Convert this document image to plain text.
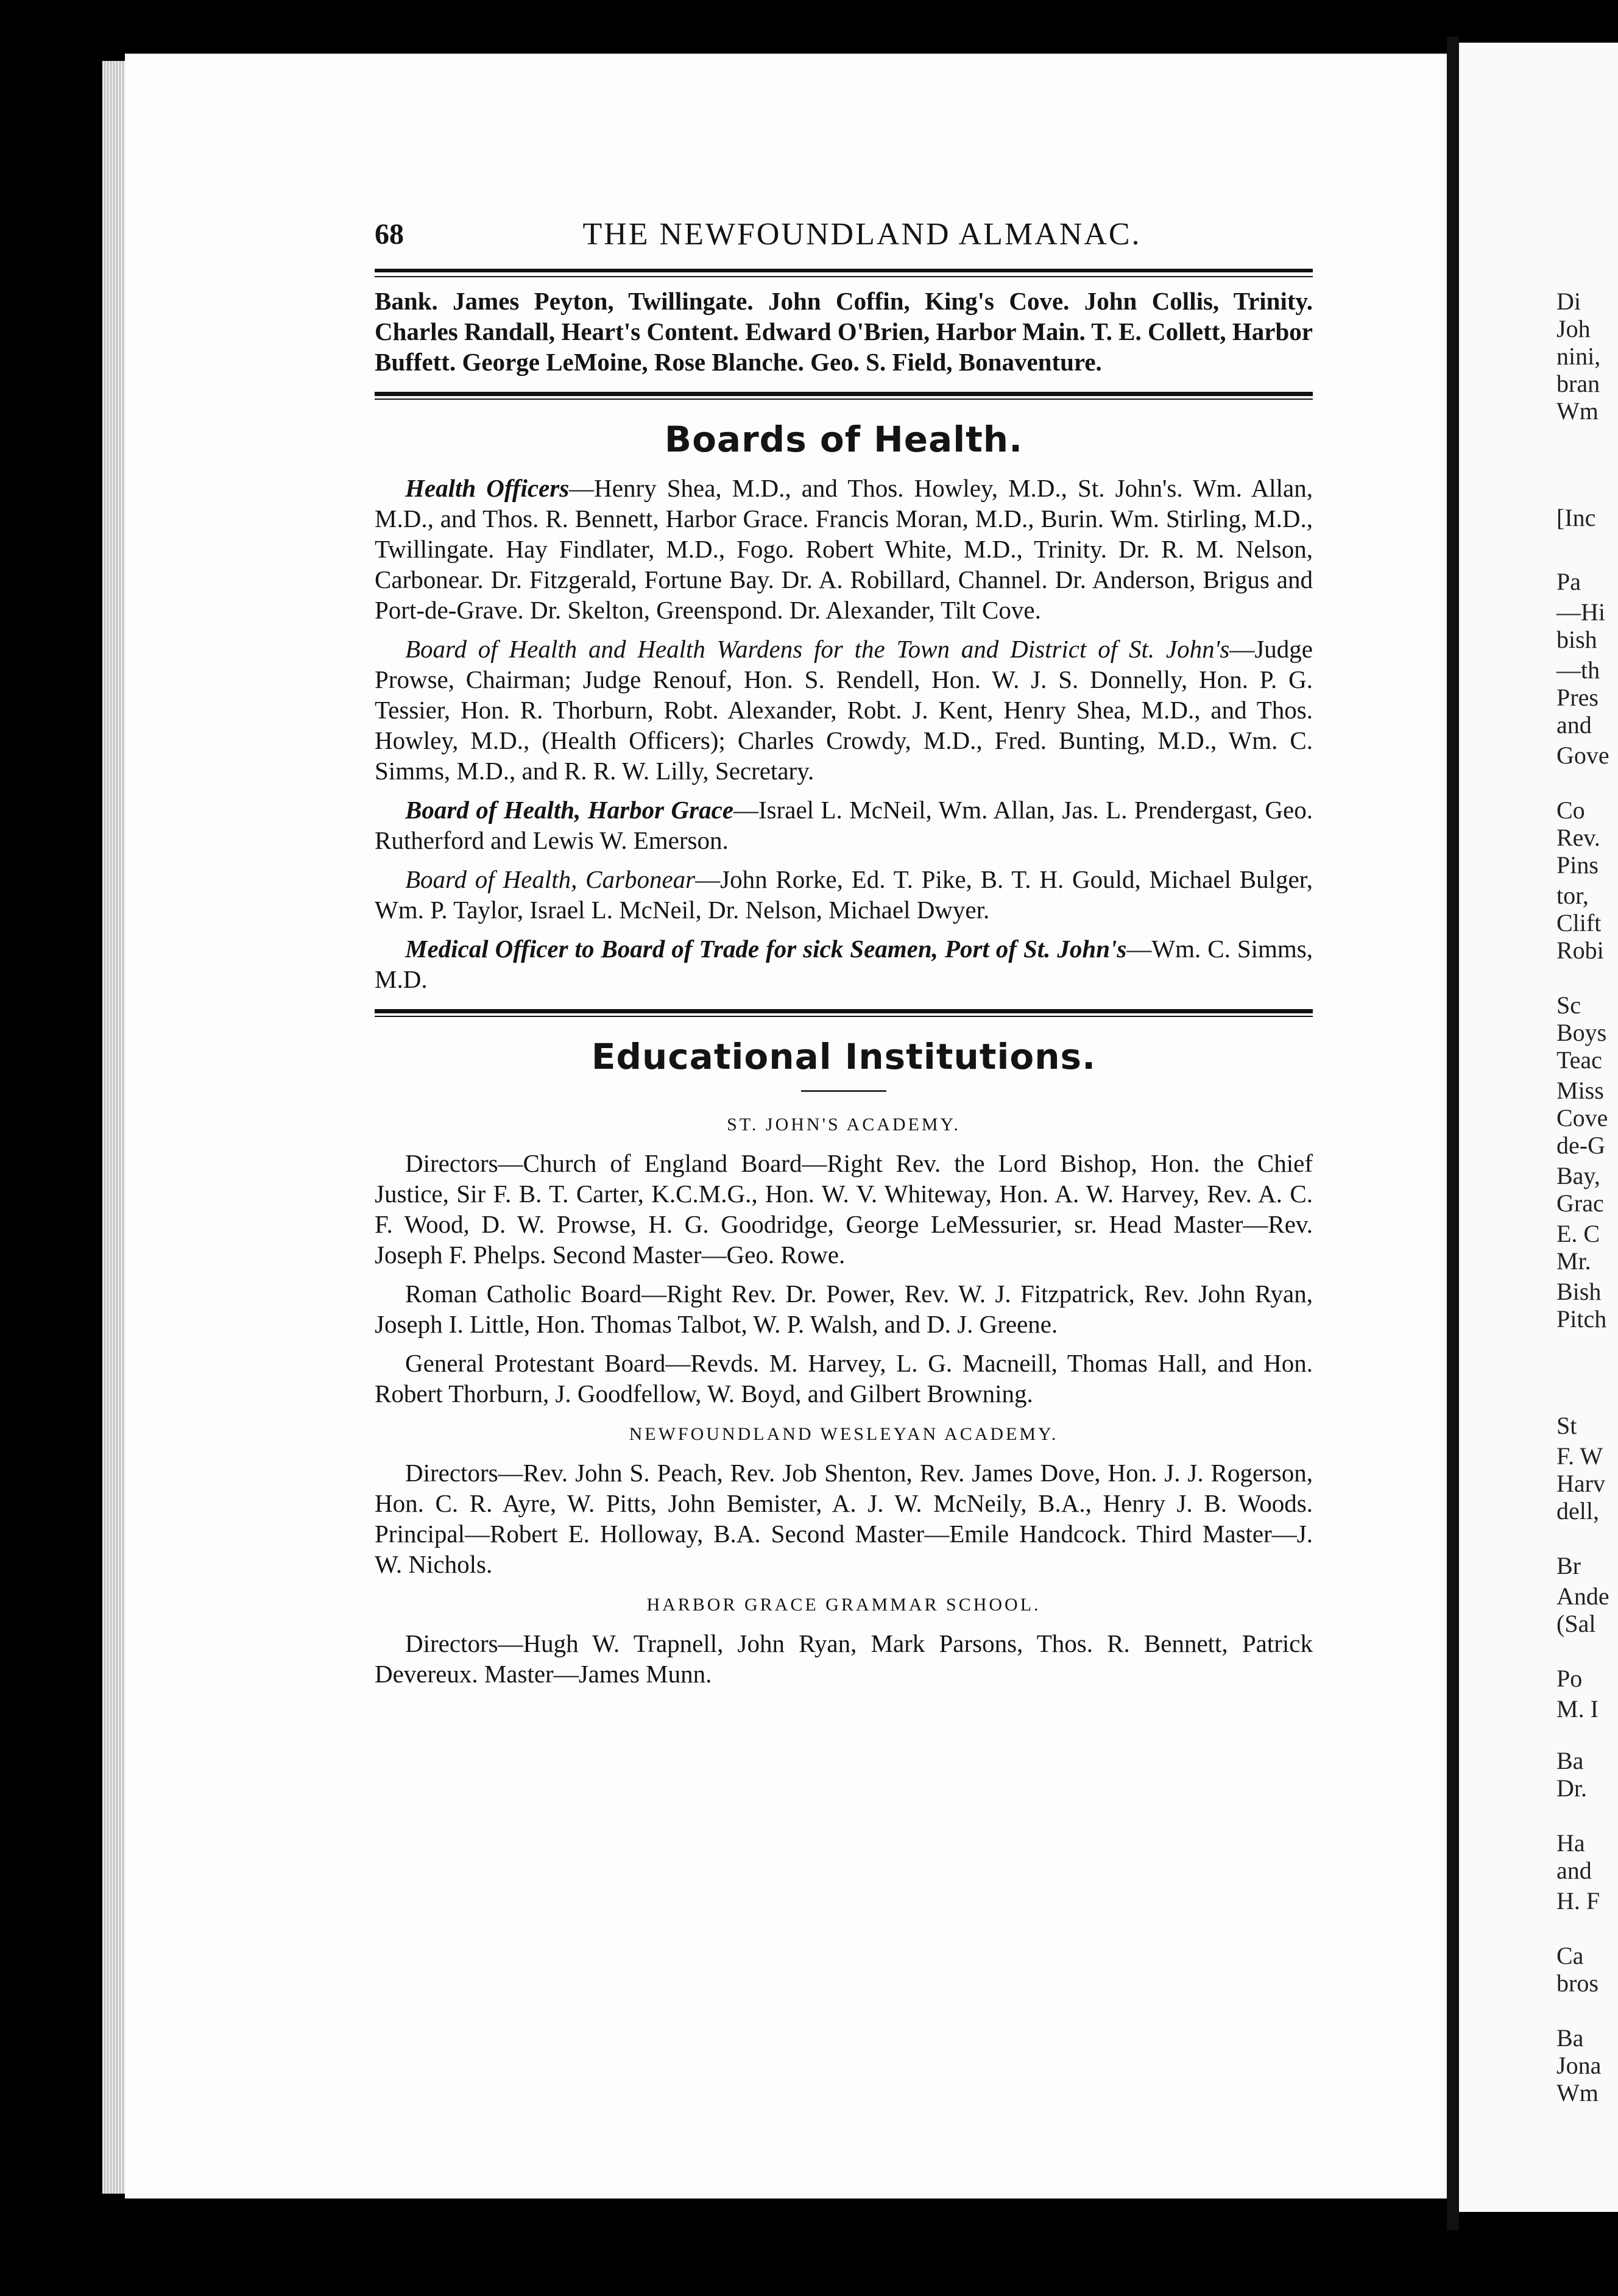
68	THE NEWFOUNDLAND ALMANAC.

Bank. James Peyton, Twillingate. John Coffin, King's Cove. John Collis, Trinity. Charles Randall, Heart's Content. Edward O'Brien, Harbor Main. T. E. Collett, Harbor Buffett. George LeMoine, Rose Blanche. Geo. S. Field, Bonaventure.

Boards of Health.

Health Officers—Henry Shea, M.D., and Thos. Howley, M.D., St. John's. Wm. Allan, M.D., and Thos. R. Bennett, Harbor Grace. Francis Moran, M.D., Burin. Wm. Stirling, M.D., Twillingate. Hay Findlater, M.D., Fogo. Robert White, M.D., Trinity. Dr. R. M. Nelson, Carbonear. Dr. Fitzgerald, Fortune Bay. Dr. A. Robillard, Channel. Dr. Anderson, Brigus and Port-de-Grave. Dr. Skelton, Greenspond. Dr. Alexander, Tilt Cove.

Board of Health and Health Wardens for the Town and District of St. John's—Judge Prowse, Chairman; Judge Renouf, Hon. S. Rendell, Hon. W. J. S. Donnelly, Hon. P. G. Tessier, Hon. R. Thorburn, Robt. Alexander, Robt. J. Kent, Henry Shea, M.D., and Thos. Howley, M.D., (Health Officers); Charles Crowdy, M.D., Fred. Bunting, M.D., Wm. C. Simms, M.D., and R. R. W. Lilly, Secretary.

Board of Health, Harbor Grace—Israel L. McNeil, Wm. Allan, Jas. L. Prendergast, Geo. Rutherford and Lewis W. Emerson.

Board of Health, Carbonear—John Rorke, Ed. T. Pike, B. T. H. Gould, Michael Bulger, Wm. P. Taylor, Israel L. McNeil, Dr. Nelson, Michael Dwyer.

Medical Officer to Board of Trade for sick Seamen, Port of St. John's—Wm. C. Simms, M.D.

Educational Institutions.
ST. JOHN'S ACADEMY.

Directors—Church of England Board—Right Rev. the Lord Bishop, Hon. the Chief Justice, Sir F. B. T. Carter, K.C.M.G., Hon. W. V. Whiteway, Hon. A. W. Harvey, Rev. A. C. F. Wood, D. W. Prowse, H. G. Goodridge, George LeMessurier, sr. Head Master—Rev. Joseph F. Phelps. Second Master—Geo. Rowe.

Roman Catholic Board—Right Rev. Dr. Power, Rev. W. J. Fitzpatrick, Rev. John Ryan, Joseph I. Little, Hon. Thomas Talbot, W. P. Walsh, and D. J. Greene.

General Protestant Board—Revds. M. Harvey, L. G. Macneill, Thomas Hall, and Hon. Robert Thorburn, J. Goodfellow, W. Boyd, and Gilbert Browning.

NEWFOUNDLAND WESLEYAN ACADEMY.

Directors—Rev. John S. Peach, Rev. Job Shenton, Rev. James Dove, Hon. J. J. Rogerson, Hon. C. R. Ayre, W. Pitts, John Bemister, A. J. W. McNeily, B.A., Henry J. B. Woods. Principal—Robert E. Holloway, B.A. Second Master—Emile Handcock. Third Master—J. W. Nichols.

HARBOR GRACE GRAMMAR SCHOOL.

Directors—Hugh W. Trapnell, John Ryan, Mark Parsons, Thos. R. Bennett, Patrick Devereux. Master—James Munn.

Di
Joh
nini,
bran
Wm
[Inc
Pa
—Hi
bish
—th
Pres
and
Gove
Co
Rev.
Pins
tor,
Clift
Robi
Sc
Boys
Teac
Miss
Cove
de-G
Bay,
Grac
E. C
Mr.
Bish
Pitch
St
F. W
Harv
dell,
Br
Ande
(Sal
Po
M. I
Ba
Dr.
Ha
and
H. F
Ca
bros
Ba
Jona
Wm
